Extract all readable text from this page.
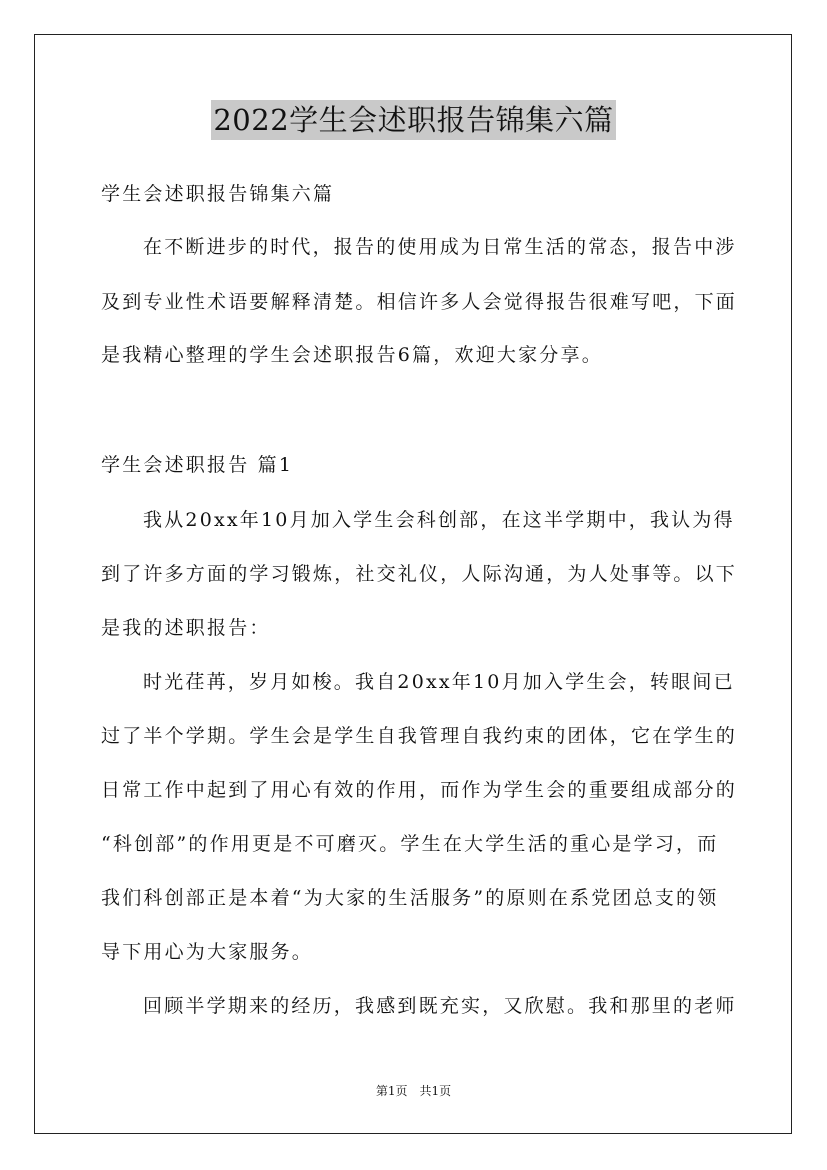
2022学生会述职报告锦集六篇
学生会述职报告锦集六篇
在不断进步的时代，报告的使用成为日常生活的常态，报告中涉
及到专业性术语要解释清楚。相信许多人会觉得报告很难写吧，下面
是我精心整理的学生会述职报告6篇，欢迎大家分享。
学生会述职报告 篇1
我从20xx年10月加入学生会科创部，在这半学期中，我认为得
到了许多方面的学习锻炼，社交礼仪，人际沟通，为人处事等。以下
是我的述职报告：
时光荏苒，岁月如梭。我自20xx年10月加入学生会，转眼间已
过了半个学期。学生会是学生自我管理自我约束的团体，它在学生的
日常工作中起到了用心有效的作用，而作为学生会的重要组成部分的
“科创部”的作用更是不可磨灭。学生在大学生活的重心是学习，而
我们科创部正是本着“为大家的生活服务”的原则在系党团总支的领
导下用心为大家服务。
回顾半学期来的经历，我感到既充实，又欣慰。我和那里的老师
第1页　共1页
